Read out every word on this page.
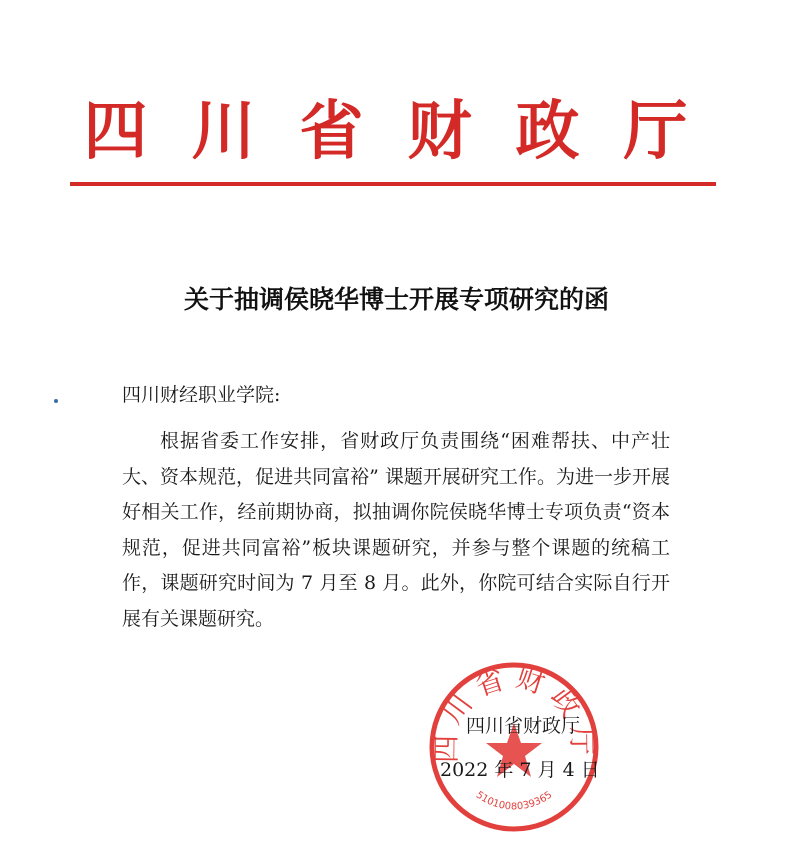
四川省财政厅
关于抽调侯晓华博士开展专项研究的函
四川财经职业学院:
根据省委工作安排，省财政厅负责围绕“困难帮扶、中产壮大、资本规范，促进共同富裕” 课题开展研究工作。为进一步开展好相关工作，经前期协商，拟抽调你院侯晓华博士专项负责“资本规范，促进共同富裕”板块课题研究，并参与整个课题的统稿工作，课题研究时间为 7 月至 8 月。此外，你院可结合实际自行开展有关课题研究。
四川省财政厅
5101008039365
四川省财政厅
2022 年 7 月 4 日
